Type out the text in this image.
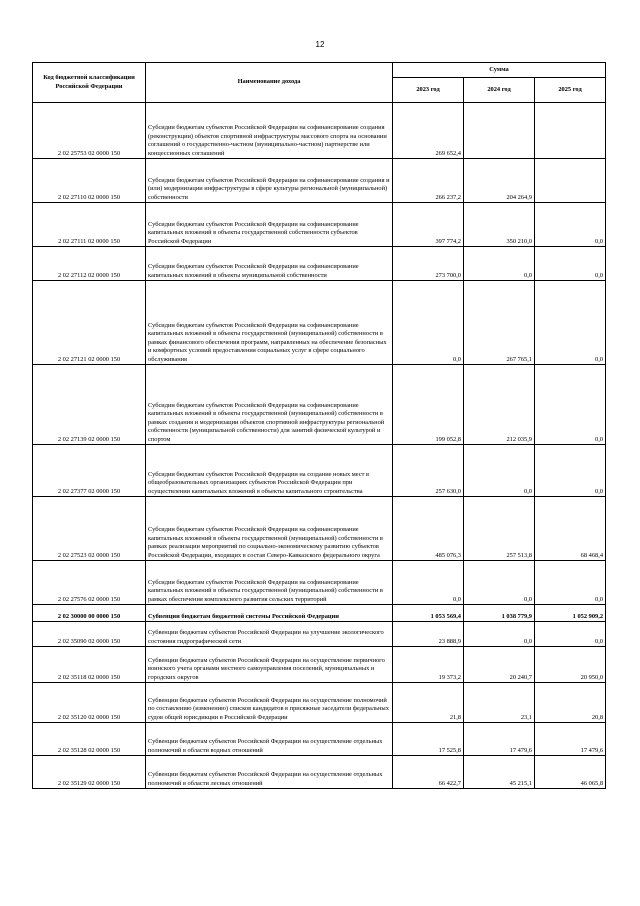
12
Код бюджетной классификации Российской Федерации	Наименование дохода	Сумма		
		2023 год	2024 год	2025 год
2 02 25753 02 0000 150	Субсидии бюджетам субъектов Российской Федерации на софинансирование создания (реконструкции) объектов спортивной инфраструктуры массового спорта на основании соглашений о государственно-частном (муниципально-частном) партнерстве или концессионных соглашений	269 652,4		
2 02 27110 02 0000 150	Субсидии бюджетам субъектов Российской Федерации на софинансирование создания и (или) модернизации инфраструктуры в сфере культуры региональной (муниципальной) собственности	266 237,2	204 264,9	
2 02 27111 02 0000 150	Субсидии бюджетам субъектов Российской Федерации на софинансирование капитальных вложений в объекты государственной собственности субъектов Российской Федерации	397 774,2	350 210,0	0,0
2 02 27112 02 0000 150	Субсидии бюджетам субъектов Российской Федерации на софинансирование капитальных вложений в объекты муниципальной собственности	273 700,0	0,0	0,0
2 02 27121 02 0000 150	Субсидии бюджетам субъектов Российской Федерации на софинансирование капитальных вложений в объекты государственной (муниципальной) собственности в рамках финансового обеспечения программ, направленных на обеспечение безопасных и комфортных условий предоставления социальных услуг в сфере социального обслуживания	0,0	267 765,1	0,0
2 02 27139 02 0000 150	Субсидии бюджетам субъектов Российской Федерации на софинансирование капитальных вложений в объекты государственной (муниципальной) собственности в рамках создания и модернизации объектов спортивной инфраструктуры региональной собственности (муниципальной собственности) для занятий физической культурой и спортом	199 052,8	212 035,9	0,0
2 02 27377 02 0000 150	Субсидии бюджетам субъектов Российской Федерации на создание новых мест в общеобразовательных организациях субъектов Российской Федерации при осуществлении капитальных вложений в объекты капитального строительства	257 630,0	0,0	0,0
2 02 27523 02 0000 150	Субсидии бюджетам субъектов Российской Федерации на софинансирование капитальных вложений в объекты государственной (муниципальной) собственности в рамках реализации мероприятий по социально-экономическому развитию субъектов Российской Федерации, входящих в состав Северо-Кавказского федерального округа	485 076,3	257 513,8	68 468,4
2 02 27576 02 0000 150	Субсидии бюджетам субъектов Российской Федерации на софинансирование капитальных вложений в объекты государственной (муниципальной) собственности в рамках обеспечения комплексного развития сельских территорий	0,0	0,0	0,0
2 02 30000 00 0000 150	Субвенции бюджетам бюджетной системы Российской Федерации	1 053 569,4	1 038 779,9	1 052 909,2
2 02 35090 02 0000 150	Субвенции бюджетам субъектов Российской Федерации на улучшение экологического состояния гидрографической сети	23 888,9	0,0	0,0
2 02 35118 02 0000 150	Субвенции бюджетам субъектов Российской Федерации на осуществление первичного воинского учета органами местного самоуправления поселений, муниципальных и городских округов	19 373,2	20 240,7	20 950,0
2 02 35120 02 0000 150	Субвенции бюджетам субъектов Российской Федерации на осуществление полномочий по составлению (изменению) списков кандидатов в присяжные заседатели федеральных судов общей юрисдикции в Российской Федерации	21,8	23,1	20,8
2 02 35128 02 0000 150	Субвенции бюджетам субъектов Российской Федерации на осуществление отдельных полномочий в области водных отношений	17 525,8	17 479,6	17 479,6
2 02 35129 02 0000 150	Субвенции бюджетам субъектов Российской Федерации на осуществление отдельных полномочий в области лесных отношений	66 422,7	45 215,1	46 065,8
